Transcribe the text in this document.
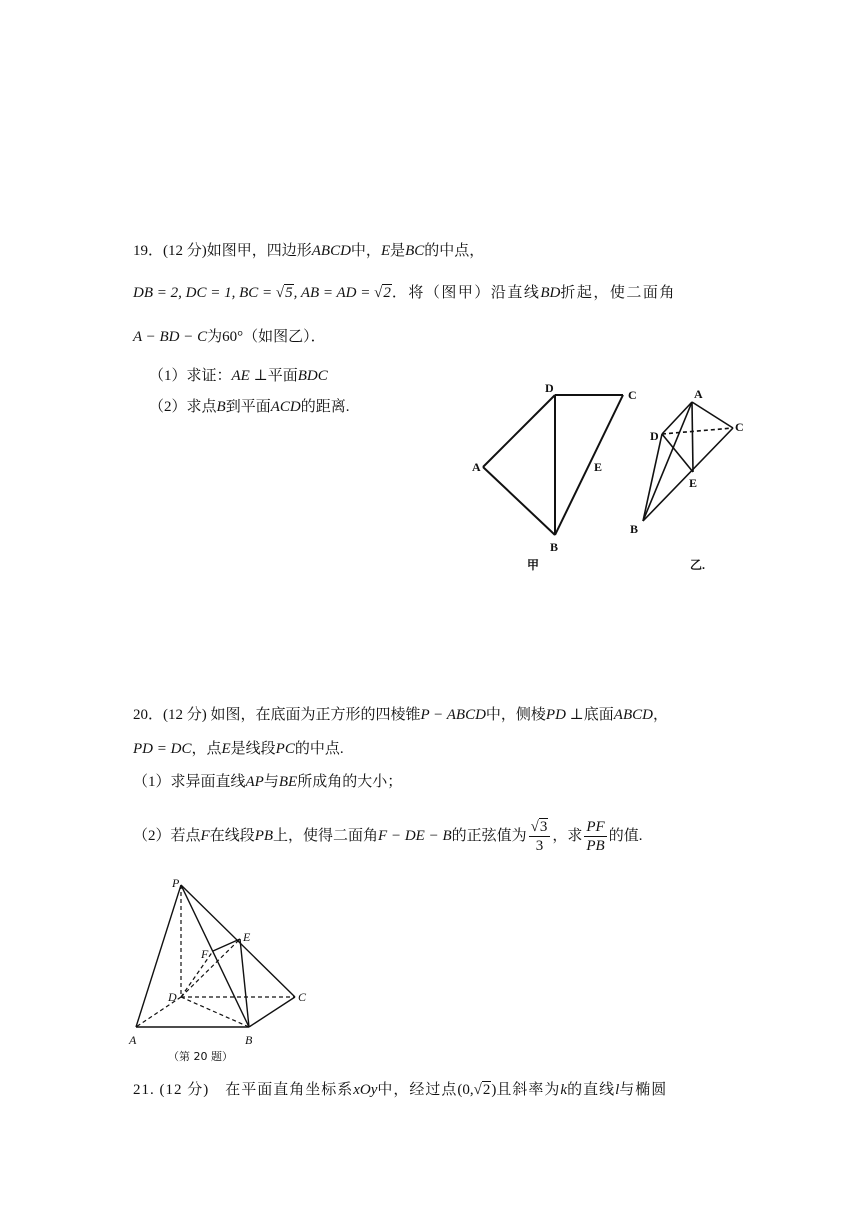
19．(12 分)如图甲，四边形ABCD中，E是BC的中点，
DB = 2, DC = 1, BC = √5, AB = AD = √2．将（图甲）沿直线BD折起，使二面角
A − BD − C为60°（如图乙）．
（1）求证：AE ⊥平面BDC
（2）求点B到平面ACD的距离.
D	C
A	E
B
甲
A
D
C
E
B
乙.
20．(12 分) 如图，在底面为正方形的四棱锥P − ABCD中，侧棱PD ⊥底面ABCD，
PD = DC，点E是线段PC的中点.
（1）求异面直线AP与BE所成角的大小；
（2）若点F在线段PB上，使得二面角F − DE − B的正弦值为 $\frac{√3}{3}$ ，求 $\frac{PF}{PB}$ 的值.
P
E
F
D	C
A	B
（第 20 题）
21. (12 分)　在平面直角坐标系xOy中，经过点(0,√2)且斜率为k的直线l与椭圆
